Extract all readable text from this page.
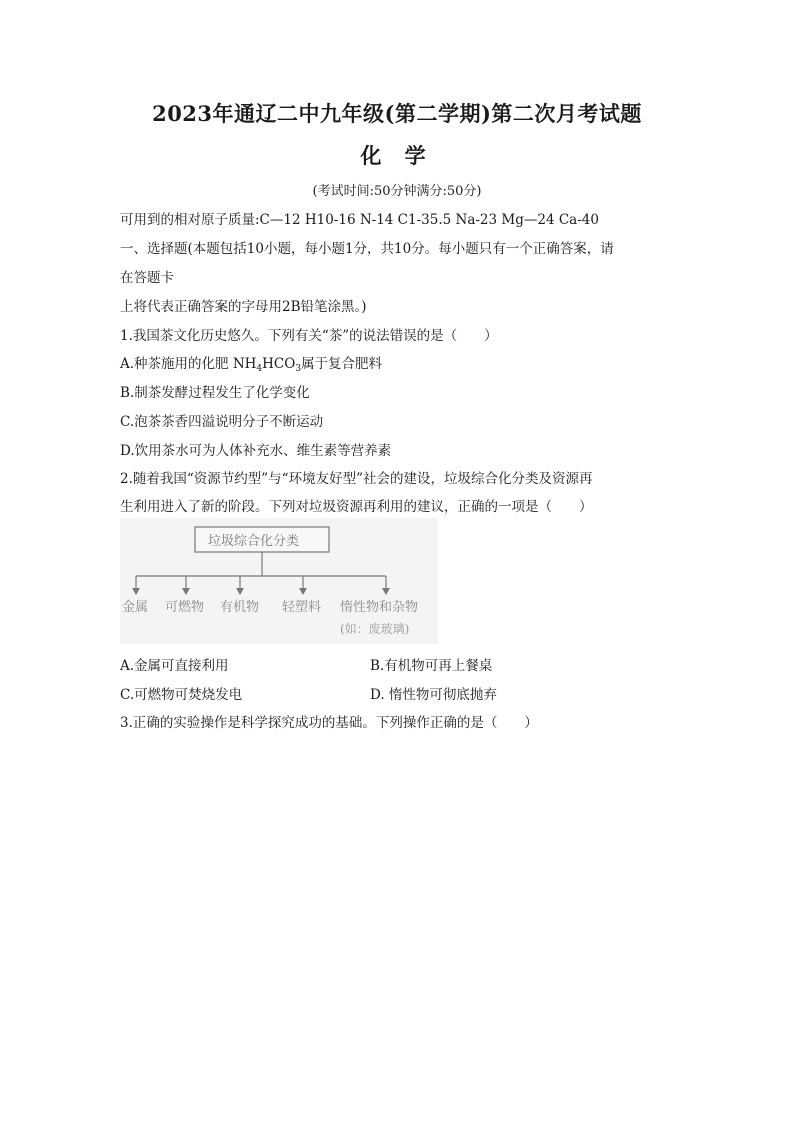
2023年通辽二中九年级(第二学期)第二次月考试题
化 学
(考试时间:50分钟满分:50分)
可用到的相对原子质量:C—12 H10-16 N-14 C1-35.5 Na-23 Mg—24 Ca-40
一、选择题(本题包括10小题，每小题1分，共10分。每小题只有一个正确答案，请
在答题卡
上将代表正确答案的字母用2B铅笔涂黑。)
1.我国茶文化历史悠久。下列有关“茶”的说法错误的是（　　）
A.种茶施用的化肥 $NH_4HCO_3$属于复合肥料
B.制茶发酵过程发生了化学变化
C.泡茶茶香四溢说明分子不断运动
D.饮用茶水可为人体补充水、维生素等营养素
2.随着我国“资源节约型”与“环境友好型”社会的建设，垃圾综合化分类及资源再
生利用进入了新的阶段。下列对垃圾资源再利用的建议，正确的一项是（　　）
垃圾综合化分类
金属 可燃物 有机物 轻塑料 惰性物和杂物
(如：废玻璃)
A.金属可直接利用	B.有机物可再上餐桌
C.可燃物可焚烧发电	D. 惰性物可彻底抛弃
3.正确的实验操作是科学探究成功的基础。下列操作正确的是（　　）
